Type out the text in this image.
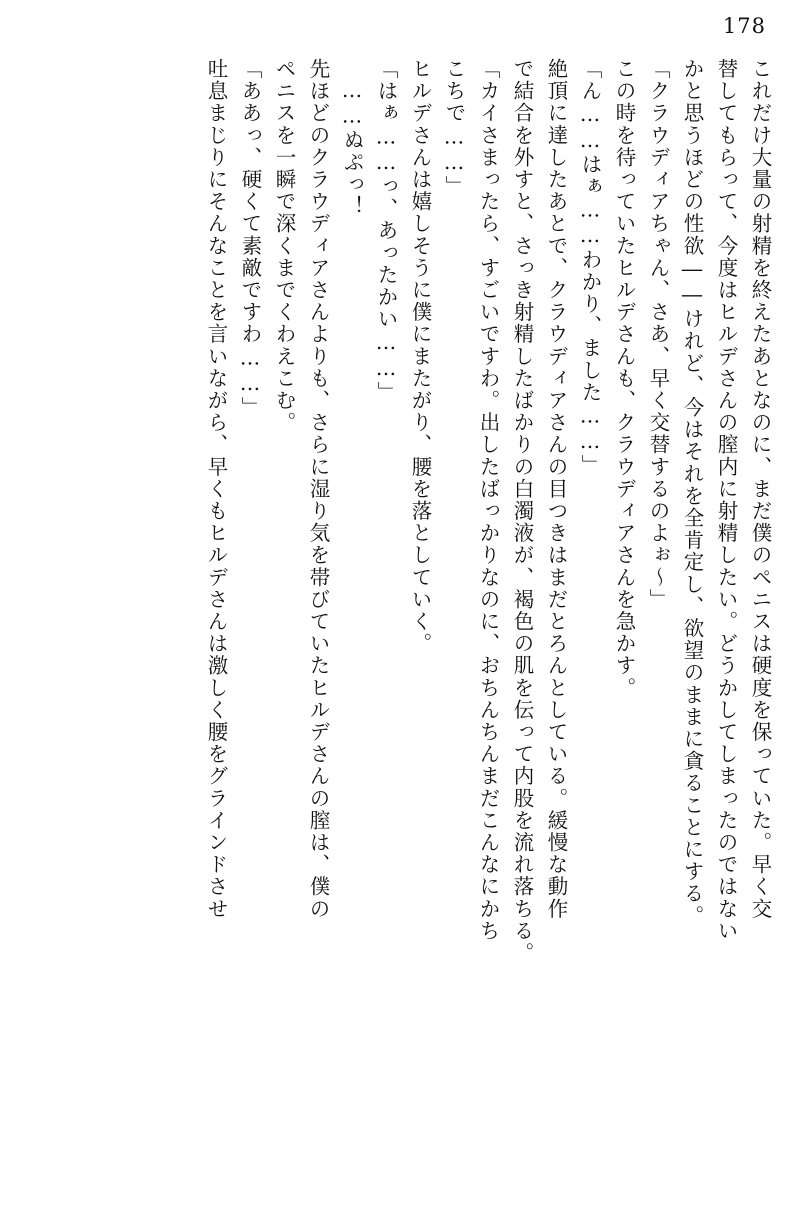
178
これだけ大量の射精を終えたあとなのに、まだ僕のペニスは硬度を保っていた。早く交
替してもらって、今度はヒルデさんの膣内に射精したい。どうかしてしまったのではない
かと思うほどの性欲――けれど、今はそれを全肯定し、欲望のままに貪ることにする。
「クラウディアちゃん、さあ、早く交替するのよぉ～」
この時を待っていたヒルデさんも、クラウディアさんを急かす。
「ん……はぁ……わかり、ました……」
絶頂に達したあとで、クラウディアさんの目つきはまだとろんとしている。緩慢な動作
で結合を外すと、さっき射精したばかりの白濁液が、褐色の肌を伝って内股を流れ落ちる。
「カイさまったら、すごいですわ。出したばっかりなのに、おちんちんまだこんなにかち
こちで……」
ヒルデさんは嬉しそうに僕にまたがり、腰を落としていく。
「はぁ……っ、あったかい……」
……ぬぷっ！
先ほどのクラウディアさんよりも、さらに湿り気を帯びていたヒルデさんの膣は、僕の
ペニスを一瞬で深くまでくわえこむ。
「ああっ、硬くて素敵ですわ……」
吐息まじりにそんなことを言いながら、早くもヒルデさんは激しく腰をグラインドさせ
